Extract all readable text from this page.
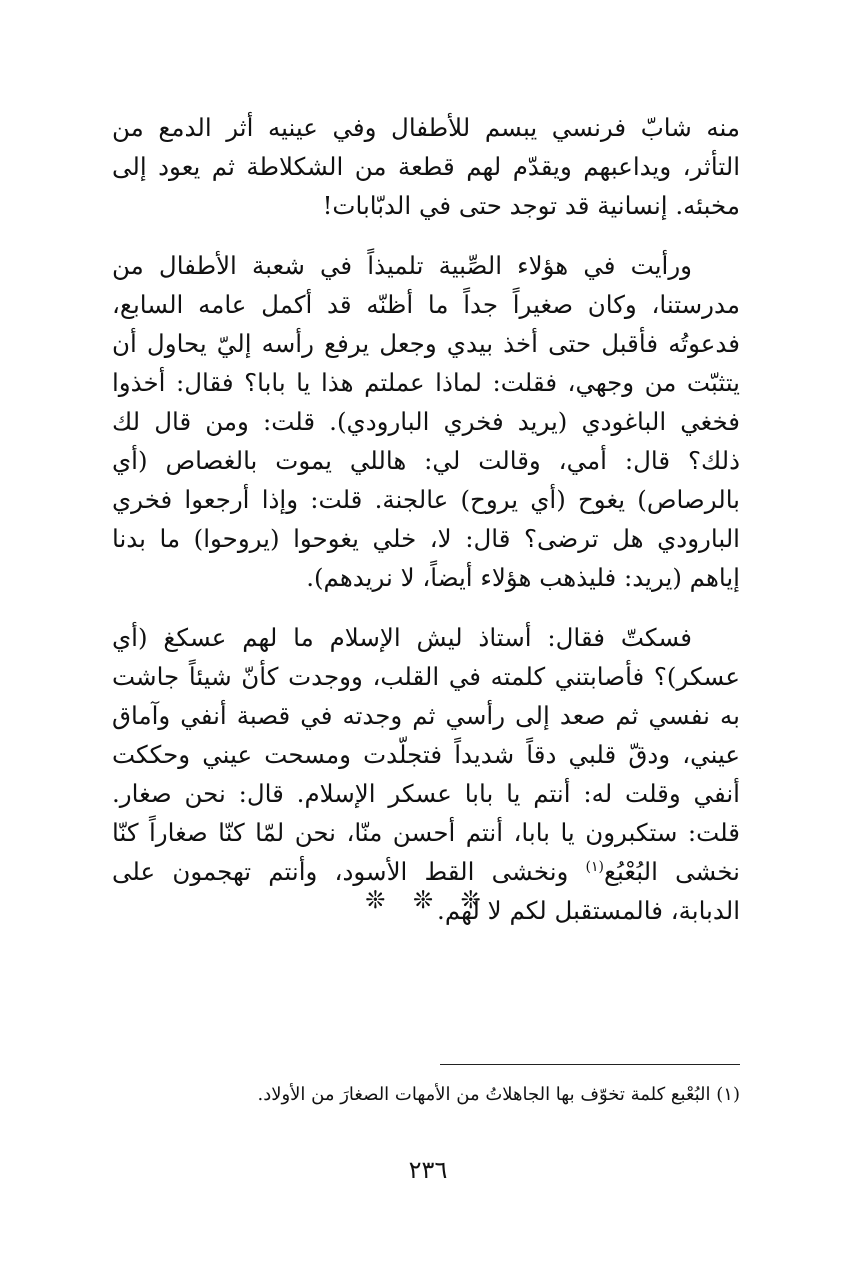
منه شابّ فرنسي يبسم للأطفال وفي عينيه أثر الدمع من التأثر، ويداعبهم ويقدّم لهم قطعة من الشكلاطة ثم يعود إلى مخبئه. إنسانية قد توجد حتى في الدبّابات!

ورأيت في هؤلاء الصِّبية تلميذاً في شعبة الأطفال من مدرستنا، وكان صغيراً جداً ما أظنّه قد أكمل عامه السابع، فدعوتُه فأقبل حتى أخذ بيدي وجعل يرفع رأسه إليّ يحاول أن يتثبّت من وجهي، فقلت: لماذا عملتم هذا يا بابا؟ فقال: أخذوا فخغي الباغودي (يريد فخري البارودي). قلت: ومن قال لك ذلك؟ قال: أمي، وقالت لي: هاللي يموت بالغصاص (أي بالرصاص) يغوح (أي يروح) عالجنة. قلت: وإذا أرجعوا فخري البارودي هل ترضى؟ قال: لا، خلي يغوحوا (يروحوا) ما بدنا إياهم (يريد: فليذهب هؤلاء أيضاً، لا نريدهم).

فسكتّ فقال: أستاذ ليش الإسلام ما لهم عسكغ (أي عسكر)؟ فأصابتني كلمته في القلب، ووجدت كأنّ شيئاً جاشت به نفسي ثم صعد إلى رأسي ثم وجدته في قصبة أنفي وآماق عيني، ودقّ قلبي دقاً شديداً فتجلّدت ومسحت عيني وحككت أنفي وقلت له: أنتم يا بابا عسكر الإسلام. قال: نحن صغار. قلت: ستكبرون يا بابا، أنتم أحسن منّا، نحن لمّا كنّا صغاراً كنّا نخشى البُعْبُع$^{(١)}$ ونخشى القط الأسود، وأنتم تهجمون على الدبابة، فالمستقبل لكم لا لهم.

❊ ❊ ❊
(١) البُعْبع كلمة تخوّف بها الجاهلاتُ من الأمهات الصغارَ من الأولاد.
٢٣٦
